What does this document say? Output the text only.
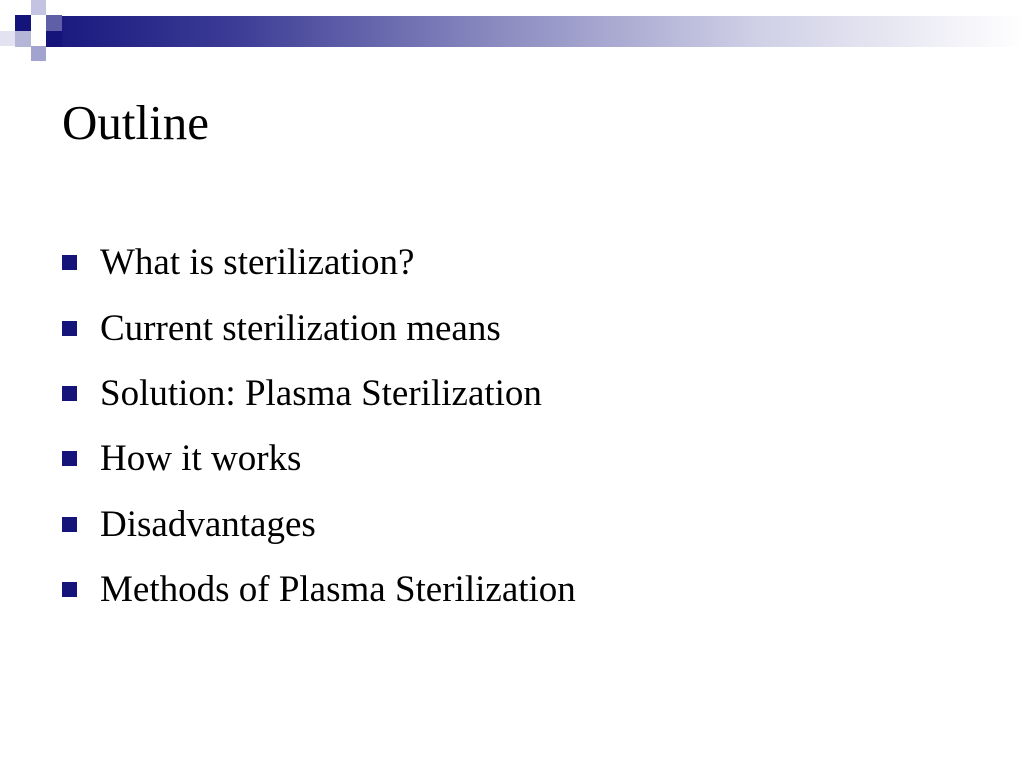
Outline
What is sterilization?
Current sterilization means
Solution: Plasma Sterilization
How it works
Disadvantages
Methods of Plasma Sterilization
